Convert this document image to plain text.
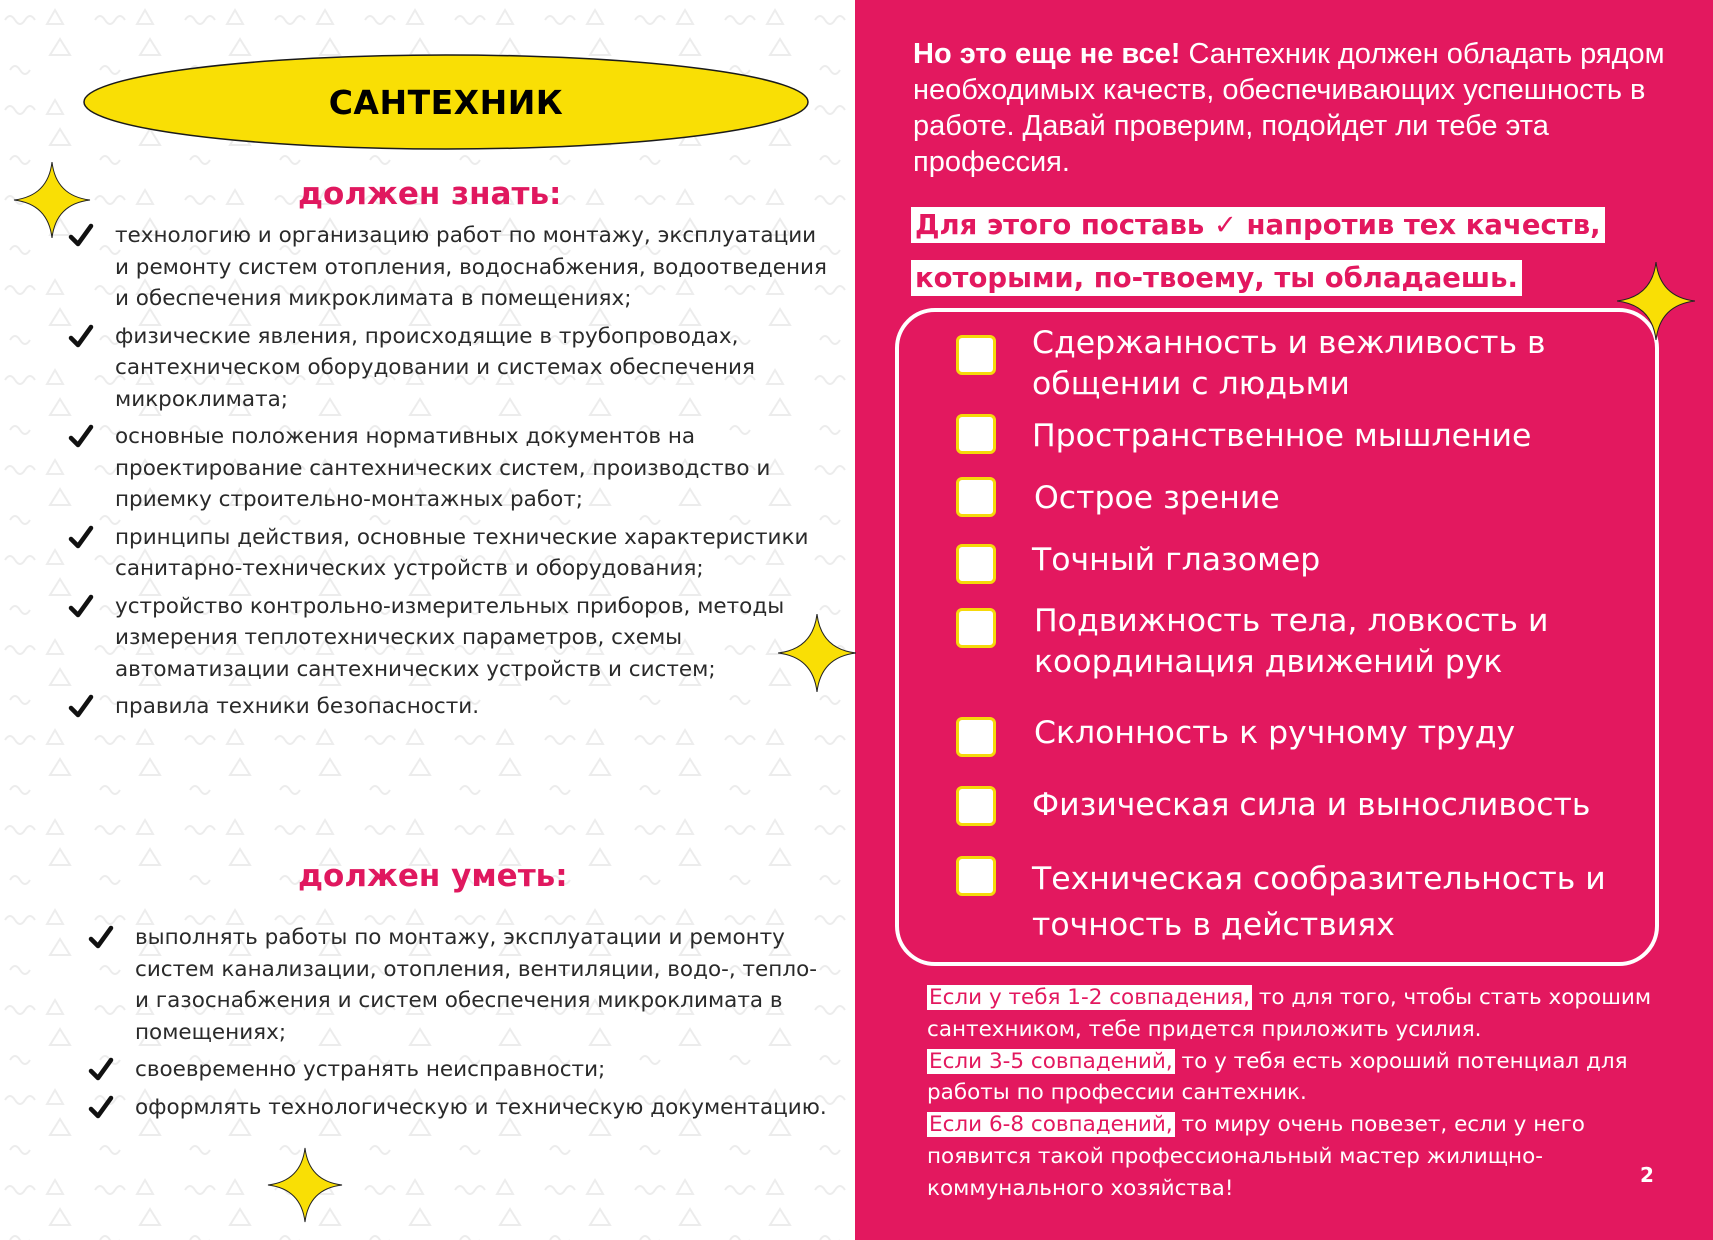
САНТЕХНИК
должен знать:
технологию и организацию работ по монтажу, эксплуатации и ремонту систем отопления, водоснабжения, водоотведения и обеспечения микроклимата в помещениях;
физические явления, происходящие в трубопроводах, сантехническом оборудовании и системах обеспечения микроклимата;
основные положения нормативных документов на проектирование сантехнических систем, производство и приемку строительно-монтажных работ;
принципы действия, основные технические характеристики санитарно-технических устройств и оборудования;
устройство контрольно-измерительных приборов, методы измерения теплотехнических параметров, схемы автоматизации сантехнических устройств и систем;
правила техники безопасности.
должен уметь:
выполнять работы по монтажу, эксплуатации и ремонту систем канализации, отопления, вентиляции, водо-, тепло- и газоснабжения и систем обеспечения микроклимата в помещениях;
своевременно устранять неисправности;
оформлять технологическую и техническую документацию.
Но это еще не все! Сантехник должен обладать рядом необходимых качеств, обеспечивающих успешность в работе. Давай проверим, подойдет ли тебе эта профессия.
Для этого поставь ✓ напротив тех качеств,
которыми, по-твоему, ты обладаешь.
Сдержанность и вежливость в общении с людьми
Пространственное мышление
Острое зрение
Точный глазомер
Подвижность тела, ловкость и координация движений рук
Склонность к ручному труду
Физическая сила и выносливость
Техническая сообразительность и точность в действиях
Если у тебя 1-2 совпадения, то для того, чтобы стать хорошим сантехником, тебе придется приложить усилия.
Если 3-5 совпадений, то у тебя есть хороший потенциал для работы по профессии сантехник.
Если 6-8 совпадений, то миру очень повезет, если у него появится такой профессиональный мастер жилищно-коммунального хозяйства!
2
